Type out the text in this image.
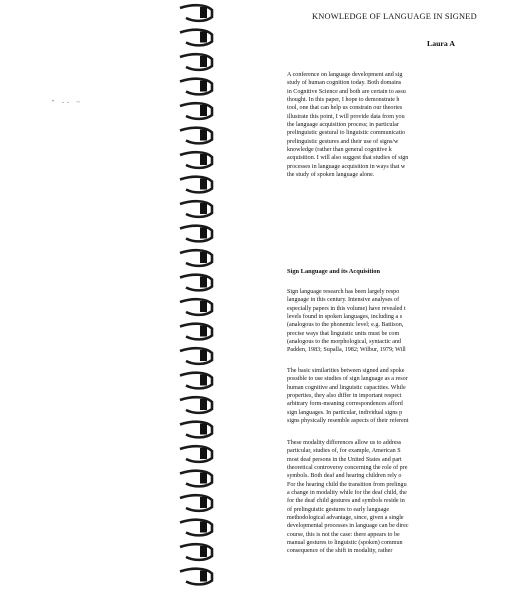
" -- ~
KNOWLEDGE OF LANGUAGE IN SIGNED
Laura A

A conference on language development and sig
study of human cognition today. Both domains
in Cognitive Science and both are certain to assu
thought. In this paper, I hope to demonstrate h
tool, one that can help us constrain our theories
illustrate this point, I will provide data from you
the language acquisition process; in particular
prelinguistic gestural to linguistic communicatio
prelinguistic gestures and their use of signs/w
knowledge (rather than general cognitive k
acquisition. I will also suggest that studies of sign
processes in language acquisition in ways that w
the study of spoken language alone.

Sign Language and its Acquisition

Sign language research has been largely respo
language in this century. Intensive analyses of
especially papers in this volume) have revealed t
levels found in spoken languages, including a s
(analogous to the phonemic level; e.g. Battison,
precise ways that linguistic units must be com
(analogous to the morphological, syntactic and
Padden, 1983; Supalla, 1982; Wilbur, 1979; Will

The basic similarities between signed and spoke
possible to use studies of sign language as a resor
human cognitive and linguistic capacities. While
properties, they also differ in important respect
arbitrary form-meaning correspondences afford
sign languages. In particular, individual signs p
signs physically resemble aspects of their referent

These modality differences allow us to address
particular, studies of, for example, American S
most deaf persons in the United States and part
theoretical controversy concerning the role of pre
symbols. Both deaf and hearing children rely o
For the hearing child the transition from prelingu
a change in modality while for the deaf child, the
for the deaf child gestures and symbols reside in
of prelinguistic gestures to early language
methodological advantage, since, given a single
developmental processes in language can be direc
course, this is not the case: there appears to be
manual gestures to linguistic (spoken) commun
consequence of the shift in modality, rather
